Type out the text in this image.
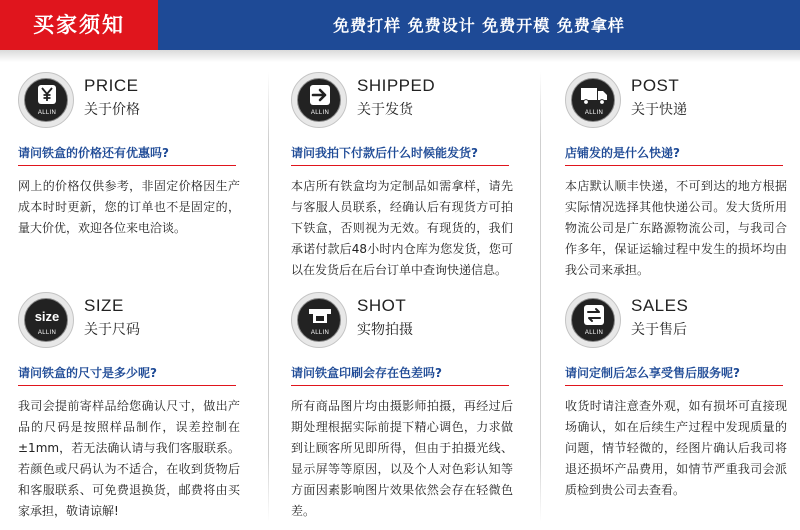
买家须知	免费打样 免费设计 免费开模 免费拿样
ALLIN
PRICE
关于价格
请问铁盒的价格还有优惠吗?
网上的价格仅供参考，非固定价格因生产成本时时更新，您的订单也不是固定的，量大价优，欢迎各位来电洽谈。
ALLIN
SHIPPED
关于发货
请问我拍下付款后什么时候能发货?
本店所有铁盒均为定制品如需拿样，请先与客服人员联系，经确认后有现货方可拍下铁盒，否则视为无效。有现货的，我们承诺付款后48小时内仓库为您发货，您可以在发货后在后台订单中查询快递信息。
ALLIN
POST
关于快递
店铺发的是什么快递?
本店默认顺丰快递，不可到达的地方根据实际情况选择其他快递公司。发大货所用物流公司是广东路源物流公司，与我司合作多年，保证运输过程中发生的损坏均由我公司来承担。
size
ALLIN
SIZE
关于尺码
请问铁盒的尺寸是多少呢?
我司会提前寄样品给您确认尺寸，做出产品的尺码是按照样品制作，误差控制在±1mm，若无法确认请与我们客服联系。若颜色或尺码认为不适合，在收到货物后和客服联系、可免费退换货，邮费将由买家承担，敬请谅解!
ALLIN
SHOT
实物拍摄
请问铁盒印刷会存在色差吗?
所有商品图片均由摄影师拍摄，再经过后期处理根据实际前提下精心调色，力求做到让顾客所见即所得，但由于拍摄光线、显示屏等等原因，以及个人对色彩认知等方面因素影响图片效果依然会存在轻微色差。
ALLIN
SALES
关于售后
请问定制后怎么享受售后服务呢?
收货时请注意查外观，如有损坏可直接现场确认，如在后续生产过程中发现质量的问题，情节轻微的，经图片确认后我司将退还损坏产品费用，如情节严重我司会派质检到贵公司去查看。
